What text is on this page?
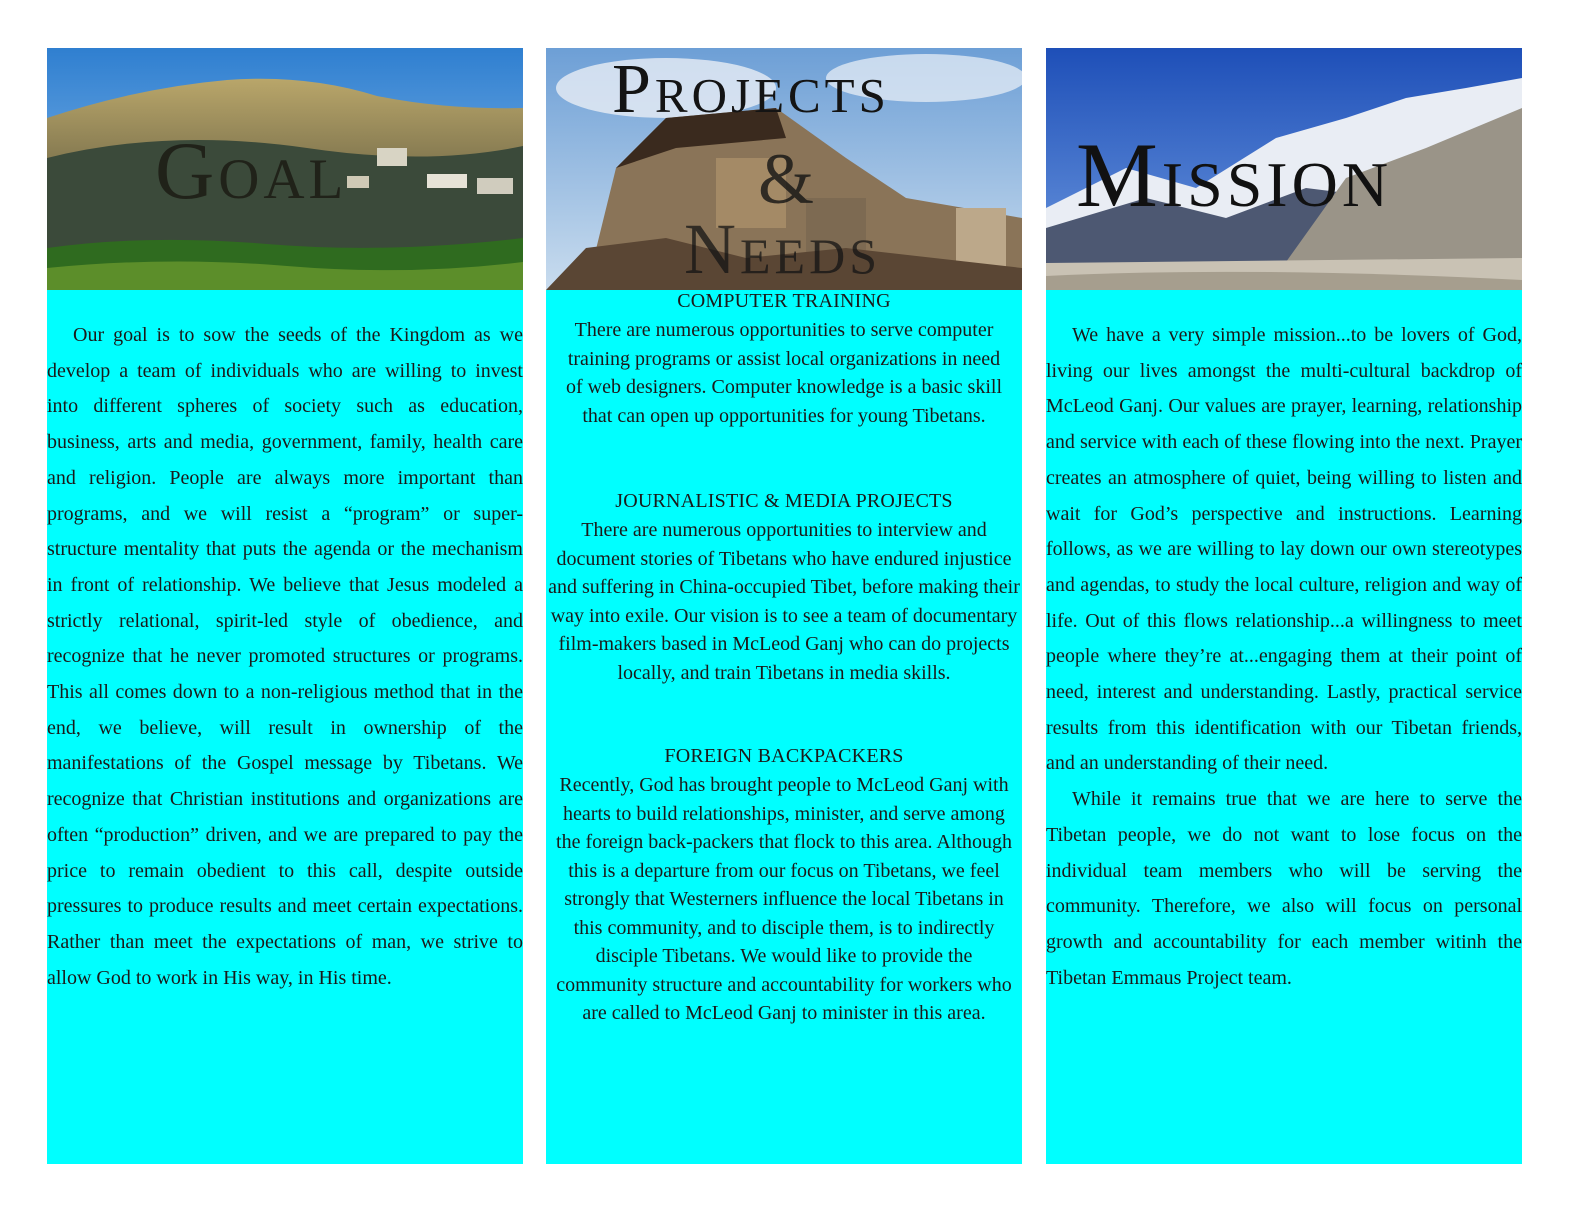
Goal

Our goal is to sow the seeds of the Kingdom as we develop a team of individuals who are willing to invest into different spheres of society such as education, business, arts and media, government, family, health care and religion. People are always more important than programs, and we will resist a “program” or super-structure mentality that puts the agenda or the mechanism in front of relationship. We believe that Jesus modeled a strictly relational, spirit-led style of obedience, and recognize that he never promoted structures or programs. This all comes down to a non-religious method that in the end, we believe, will result in ownership of the manifestations of the Gospel message by Tibetans. We recognize that Christian institutions and organizations are often “production” driven, and we are prepared to pay the price to remain obedient to this call, despite outside pressures to produce results and meet certain expectations. Rather than meet the expectations of man, we strive to allow God to work in His way, in His time.

Projects
&
Needs
COMPUTER TRAINING

There are numerous opportunities to serve computer training programs or assist local organizations in need of web designers. Computer knowledge is a basic skill that can open up opportunities for young Tibetans.

JOURNALISTIC & MEDIA PROJECTS

There are numerous opportunities to interview and document stories of Tibetans who have endured injustice and suffering in China-occupied Tibet, before making their way into exile. Our vision is to see a team of documentary film-makers based in McLeod Ganj who can do projects locally, and train Tibetans in media skills.

FOREIGN BACKPACKERS

Recently, God has brought people to McLeod Ganj with hearts to build relationships, minister, and serve among the foreign back-packers that flock to this area. Although this is a departure from our focus on Tibetans, we feel strongly that Westerners influence the local Tibetans in this community, and to disciple them, is to indirectly disciple Tibetans. We would like to provide the community structure and accountability for workers who are called to McLeod Ganj to minister in this area.

Mission

We have a very simple mission...to be lovers of God, living our lives amongst the multi-cultural backdrop of McLeod Ganj. Our values are prayer, learning, relationship and service with each of these flowing into the next. Prayer creates an atmosphere of quiet, being willing to listen and wait for God’s perspective and instructions. Learning follows, as we are willing to lay down our own stereotypes and agendas, to study the local culture, religion and way of life. Out of this flows relationship...a willingness to meet people where they’re at...engaging them at their point of need, interest and understanding. Lastly, practical service results from this identification with our Tibetan friends, and an understanding of their need.

While it remains true that we are here to serve the Tibetan people, we do not want to lose focus on the individual team members who will be serving the community. Therefore, we also will focus on personal growth and accountability for each member witinh the Tibetan Emmaus Project team.
